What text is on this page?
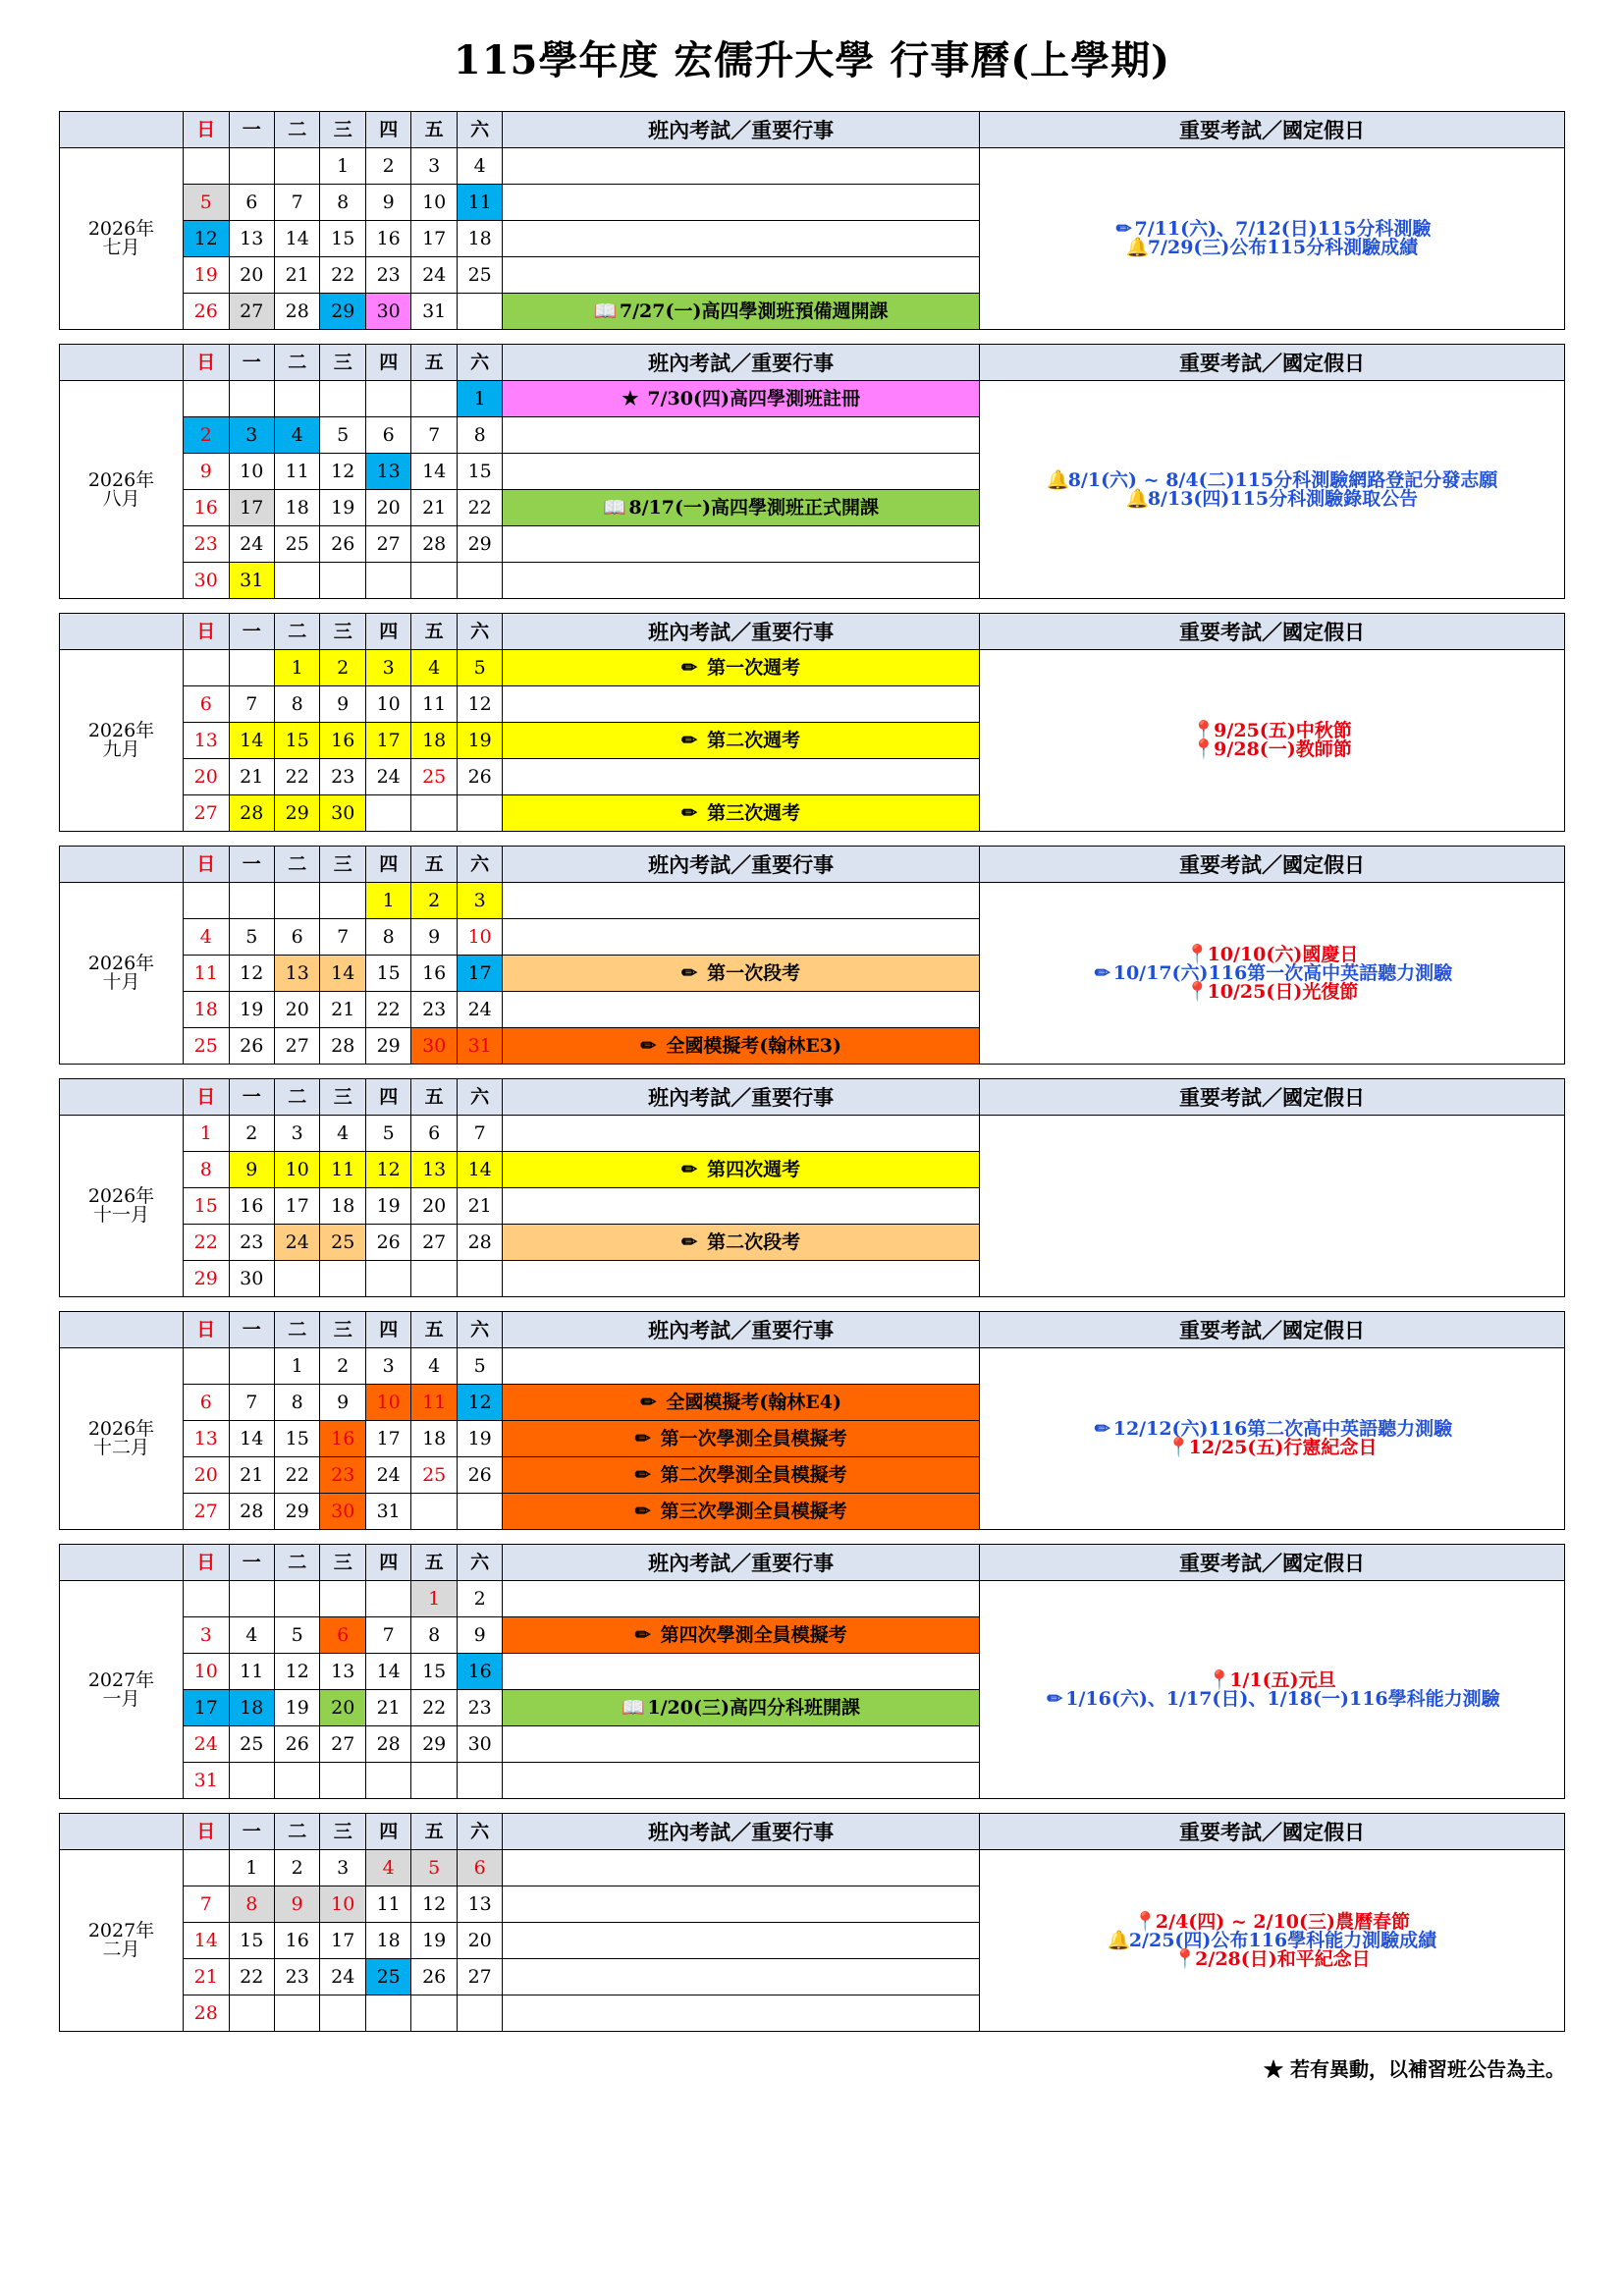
115學年度 宏儒升大學 行事曆(上學期)
	日	一	二	三	四	五	六	班內考試／重要行事	重要考試／國定假日
2026年
七月				1	2	3	4		✏ 7/11(六)、7/12(日)115分科測驗
🔔7/29(三)公布115分科測驗成績

	5	6	7	8	9	10	11		
	12	13	14	15	16	17	18		
	19	20	21	22	23	24	25		
	26	27	28	29	30	31		📖 7/27(一)高四學測班預備週開課	
	日	一	二	三	四	五	六	班內考試／重要行事	重要考試／國定假日
2026年
八月							1	★ 7/30(四)高四學測班註冊	🔔8/1(六) ~ 8/4(二)115分科測驗網路登記分發志願
🔔8/13(四)115分科測驗錄取公告

	2	3	4	5	6	7	8		
	9	10	11	12	13	14	15		
	16	17	18	19	20	21	22	📖 8/17(一)高四學測班正式開課	
	23	24	25	26	27	28	29		
	30	31							
	日	一	二	三	四	五	六	班內考試／重要行事	重要考試／國定假日
2026年
九月			1	2	3	4	5	✏ 第一次週考	📍9/25(五)中秋節
📍9/28(一)教師節

	6	7	8	9	10	11	12		
	13	14	15	16	17	18	19	✏ 第二次週考	
	20	21	22	23	24	25	26		
	27	28	29	30				✏ 第三次週考	
	日	一	二	三	四	五	六	班內考試／重要行事	重要考試／國定假日
2026年
十月					1	2	3		📍10/10(六)國慶日
✏ 10/17(六)116第一次高中英語聽力測驗
📍10/25(日)光復節

	4	5	6	7	8	9	10		
	11	12	13	14	15	16	17	✏ 第一次段考	
	18	19	20	21	22	23	24		
	25	26	27	28	29	30	31	✏ 全國模擬考(翰林E3)	
	日	一	二	三	四	五	六	班內考試／重要行事	重要考試／國定假日
2026年
十一月	1	2	3	4	5	6	7		
	8	9	10	11	12	13	14	✏ 第四次週考	
	15	16	17	18	19	20	21		
	22	23	24	25	26	27	28	✏ 第二次段考	
	29	30							
	日	一	二	三	四	五	六	班內考試／重要行事	重要考試／國定假日
2026年
十二月			1	2	3	4	5		✏ 12/12(六)116第二次高中英語聽力測驗
📍12/25(五)行憲紀念日

	6	7	8	9	10	11	12	✏ 全國模擬考(翰林E4)	
	13	14	15	16	17	18	19	✏ 第一次學測全員模擬考	
	20	21	22	23	24	25	26	✏ 第二次學測全員模擬考	
	27	28	29	30	31			✏ 第三次學測全員模擬考	
	日	一	二	三	四	五	六	班內考試／重要行事	重要考試／國定假日
2027年
一月						1	2		📍1/1(五)元旦
✏ 1/16(六)、1/17(日)、1/18(一)116學科能力測驗

	3	4	5	6	7	8	9	✏ 第四次學測全員模擬考	
	10	11	12	13	14	15	16		
	17	18	19	20	21	22	23	📖 1/20(三)高四分科班開課	
	24	25	26	27	28	29	30		
	31								
	日	一	二	三	四	五	六	班內考試／重要行事	重要考試／國定假日
2027年
二月		1	2	3	4	5	6		📍2/4(四) ~ 2/10(三)農曆春節
🔔2/25(四)公布116學科能力測驗成績
📍2/28(日)和平紀念日

	7	8	9	10	11	12	13		
	14	15	16	17	18	19	20		
	21	22	23	24	25	26	27		
	28								
★ 若有異動，以補習班公告為主。
